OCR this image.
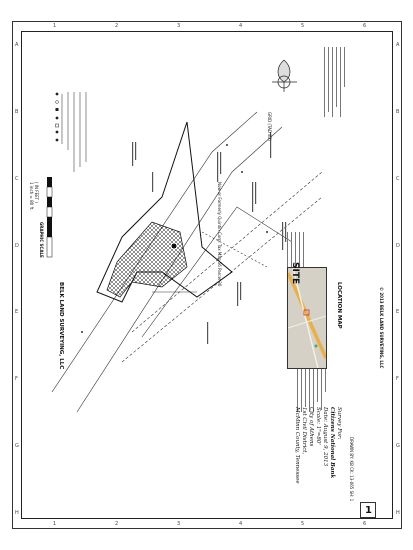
LOCATION MAP
SITE
© 2013 BELK LAND SURVEYING, LLC
Survey For:
Citizens National Bank
Date: August 9, 2013
Scale: 1"=80'
City of Athens
1st Civil District,
McMinn County, Tennessee
BELK LAND SURVEYING, LLC
DRAWN BY: KB CK: 13-065 SH: 1
1
GRAPHIC SCALE
( IN FEET )
1 inch = 80 ft.
GRID (TAD 83)
Now or Formerly Quintin Corp. Tax Map 56 Parcel 30
A	A
B	B
C	C
D	D
E	E
F	F
G	G
H	H
1
1
2
2
3
3
4
4
5
5
6
6
